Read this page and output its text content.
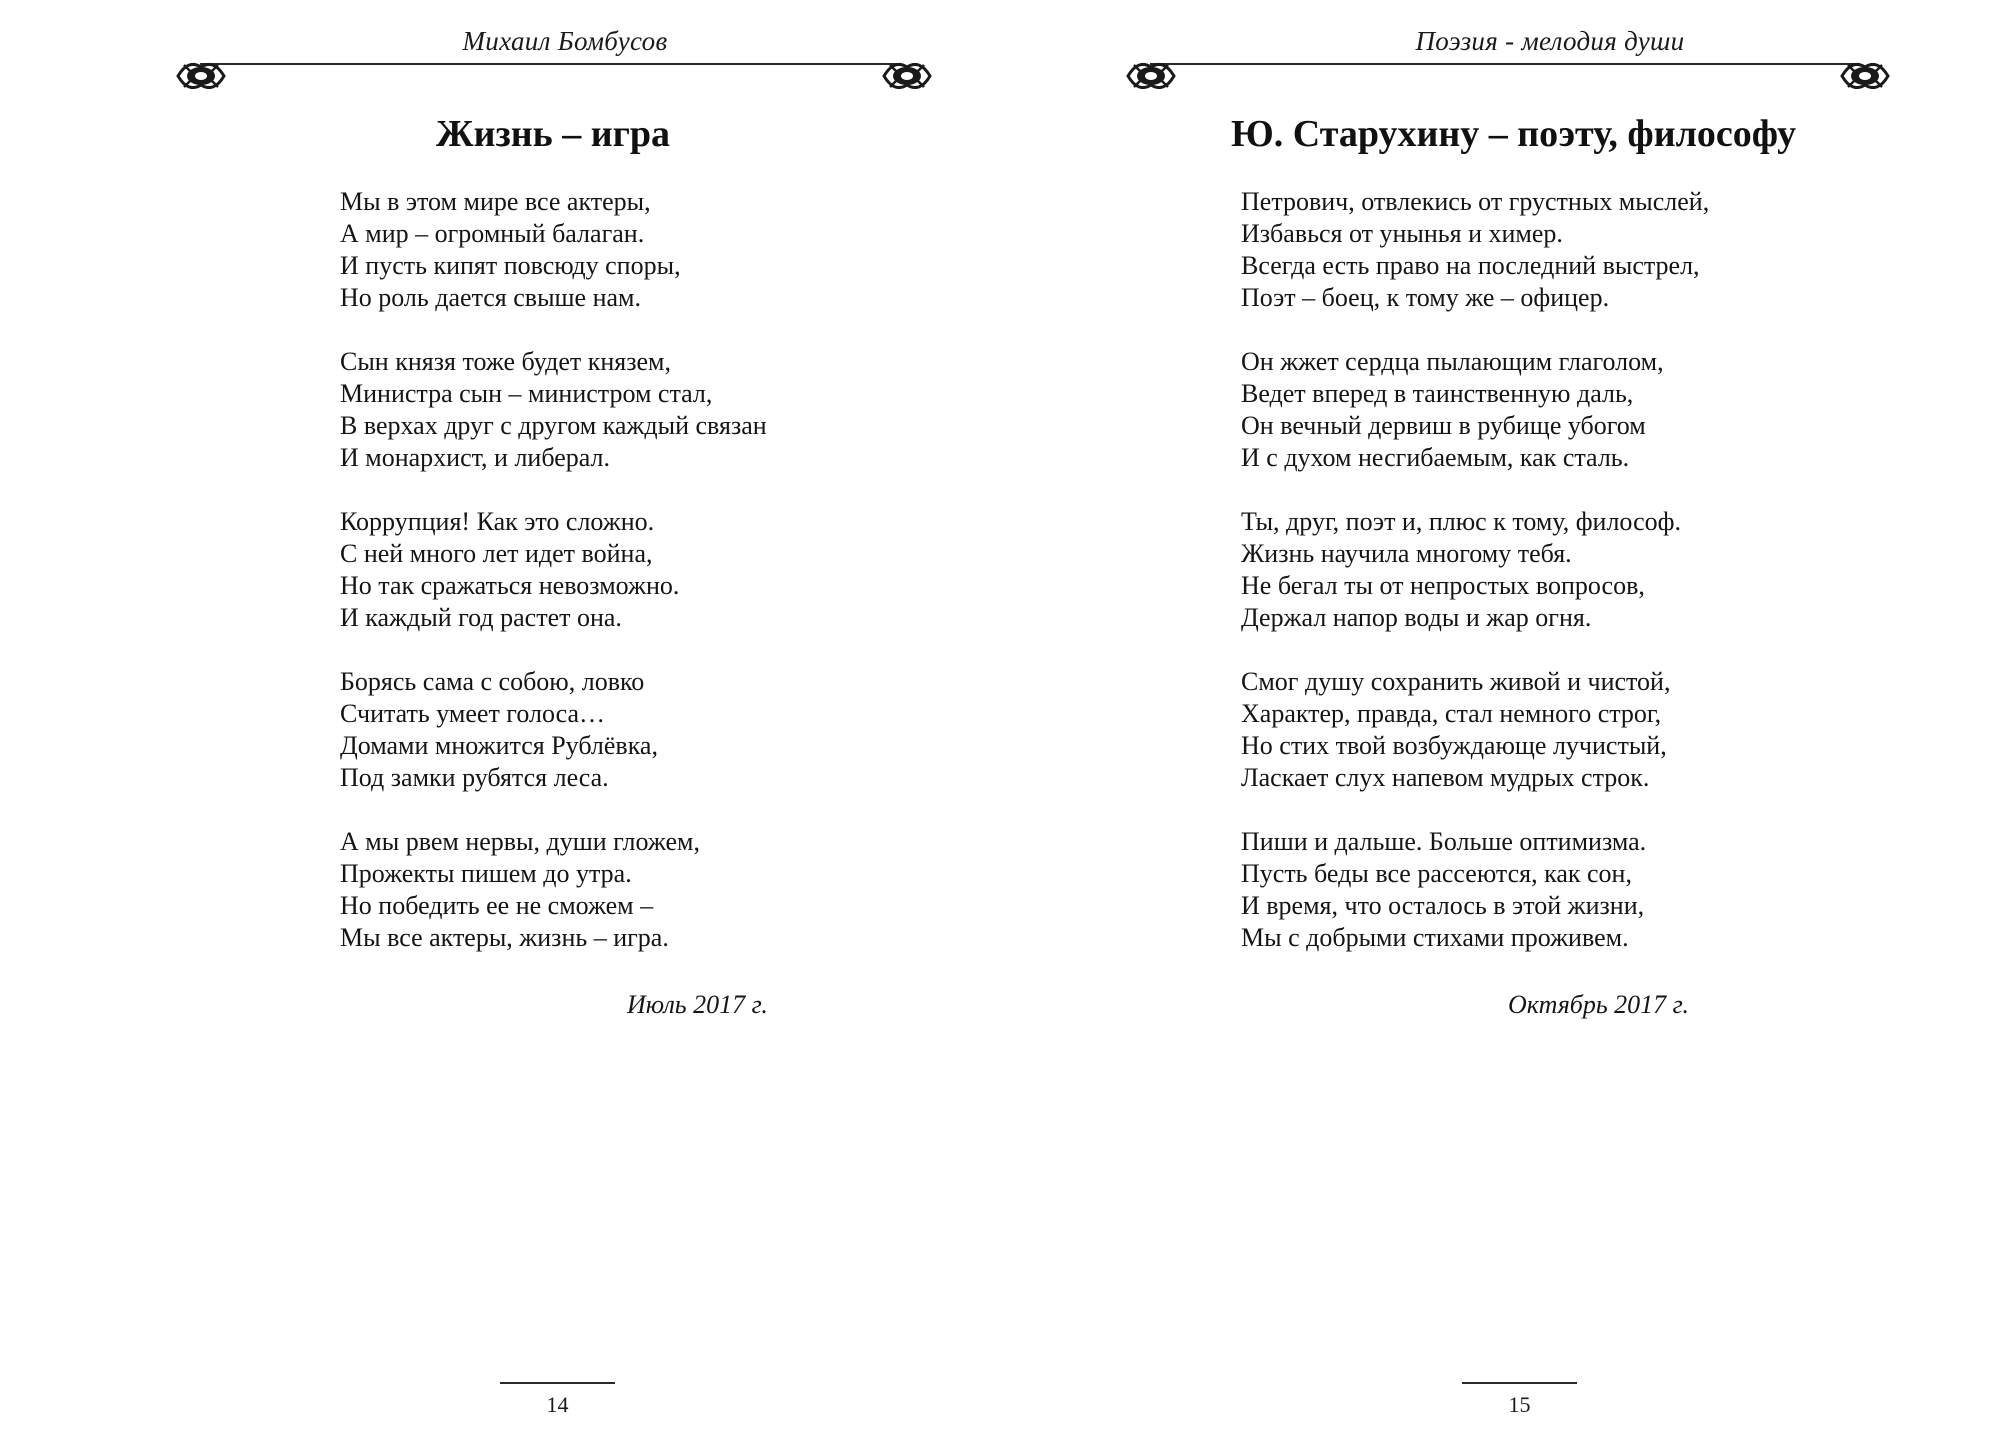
Михаил Бомбусов
Жизнь – игра
Мы в этом мире все актеры,
А мир – огромный балаган.
И пусть кипят повсюду споры,
Но роль дается свыше нам.
Сын князя тоже будет князем,
Министра сын – министром стал,
В верхах друг с другом каждый связан
И монархист, и либерал.
Коррупция! Как это сложно.
С ней много лет идет война,
Но так сражаться невозможно.
И каждый год растет она.
Борясь сама с собою, ловко
Считать умеет голоса…
Домами множится Рублёвка,
Под замки рубятся леса.
А мы рвем нервы, души гложем,
Прожекты пишем до утра.
Но победить ее не сможем –
Мы все актеры, жизнь – игра.
Июль 2017 г.
14
Поэзия - мелодия души
Ю. Старухину – поэту, философу
Петрович, отвлекись от грустных мыслей,
Избавься от унынья и химер.
Всегда есть право на последний выстрел,
Поэт – боец, к тому же – офицер.
Он жжет сердца пылающим глаголом,
Ведет вперед в таинственную даль,
Он вечный дервиш в рубище убогом
И с духом несгибаемым, как сталь.
Ты, друг, поэт и, плюс к тому, философ.
Жизнь научила многому тебя.
Не бегал ты от непростых вопросов,
Держал напор воды и жар огня.
Смог душу сохранить живой и чистой,
Характер, правда, стал немного строг,
Но стих твой возбуждающе лучистый,
Ласкает слух напевом мудрых строк.
Пиши и дальше. Больше оптимизма.
Пусть беды все рассеются, как сон,
И время, что осталось в этой жизни,
Мы с добрыми стихами проживем.
Октябрь 2017 г.
15
